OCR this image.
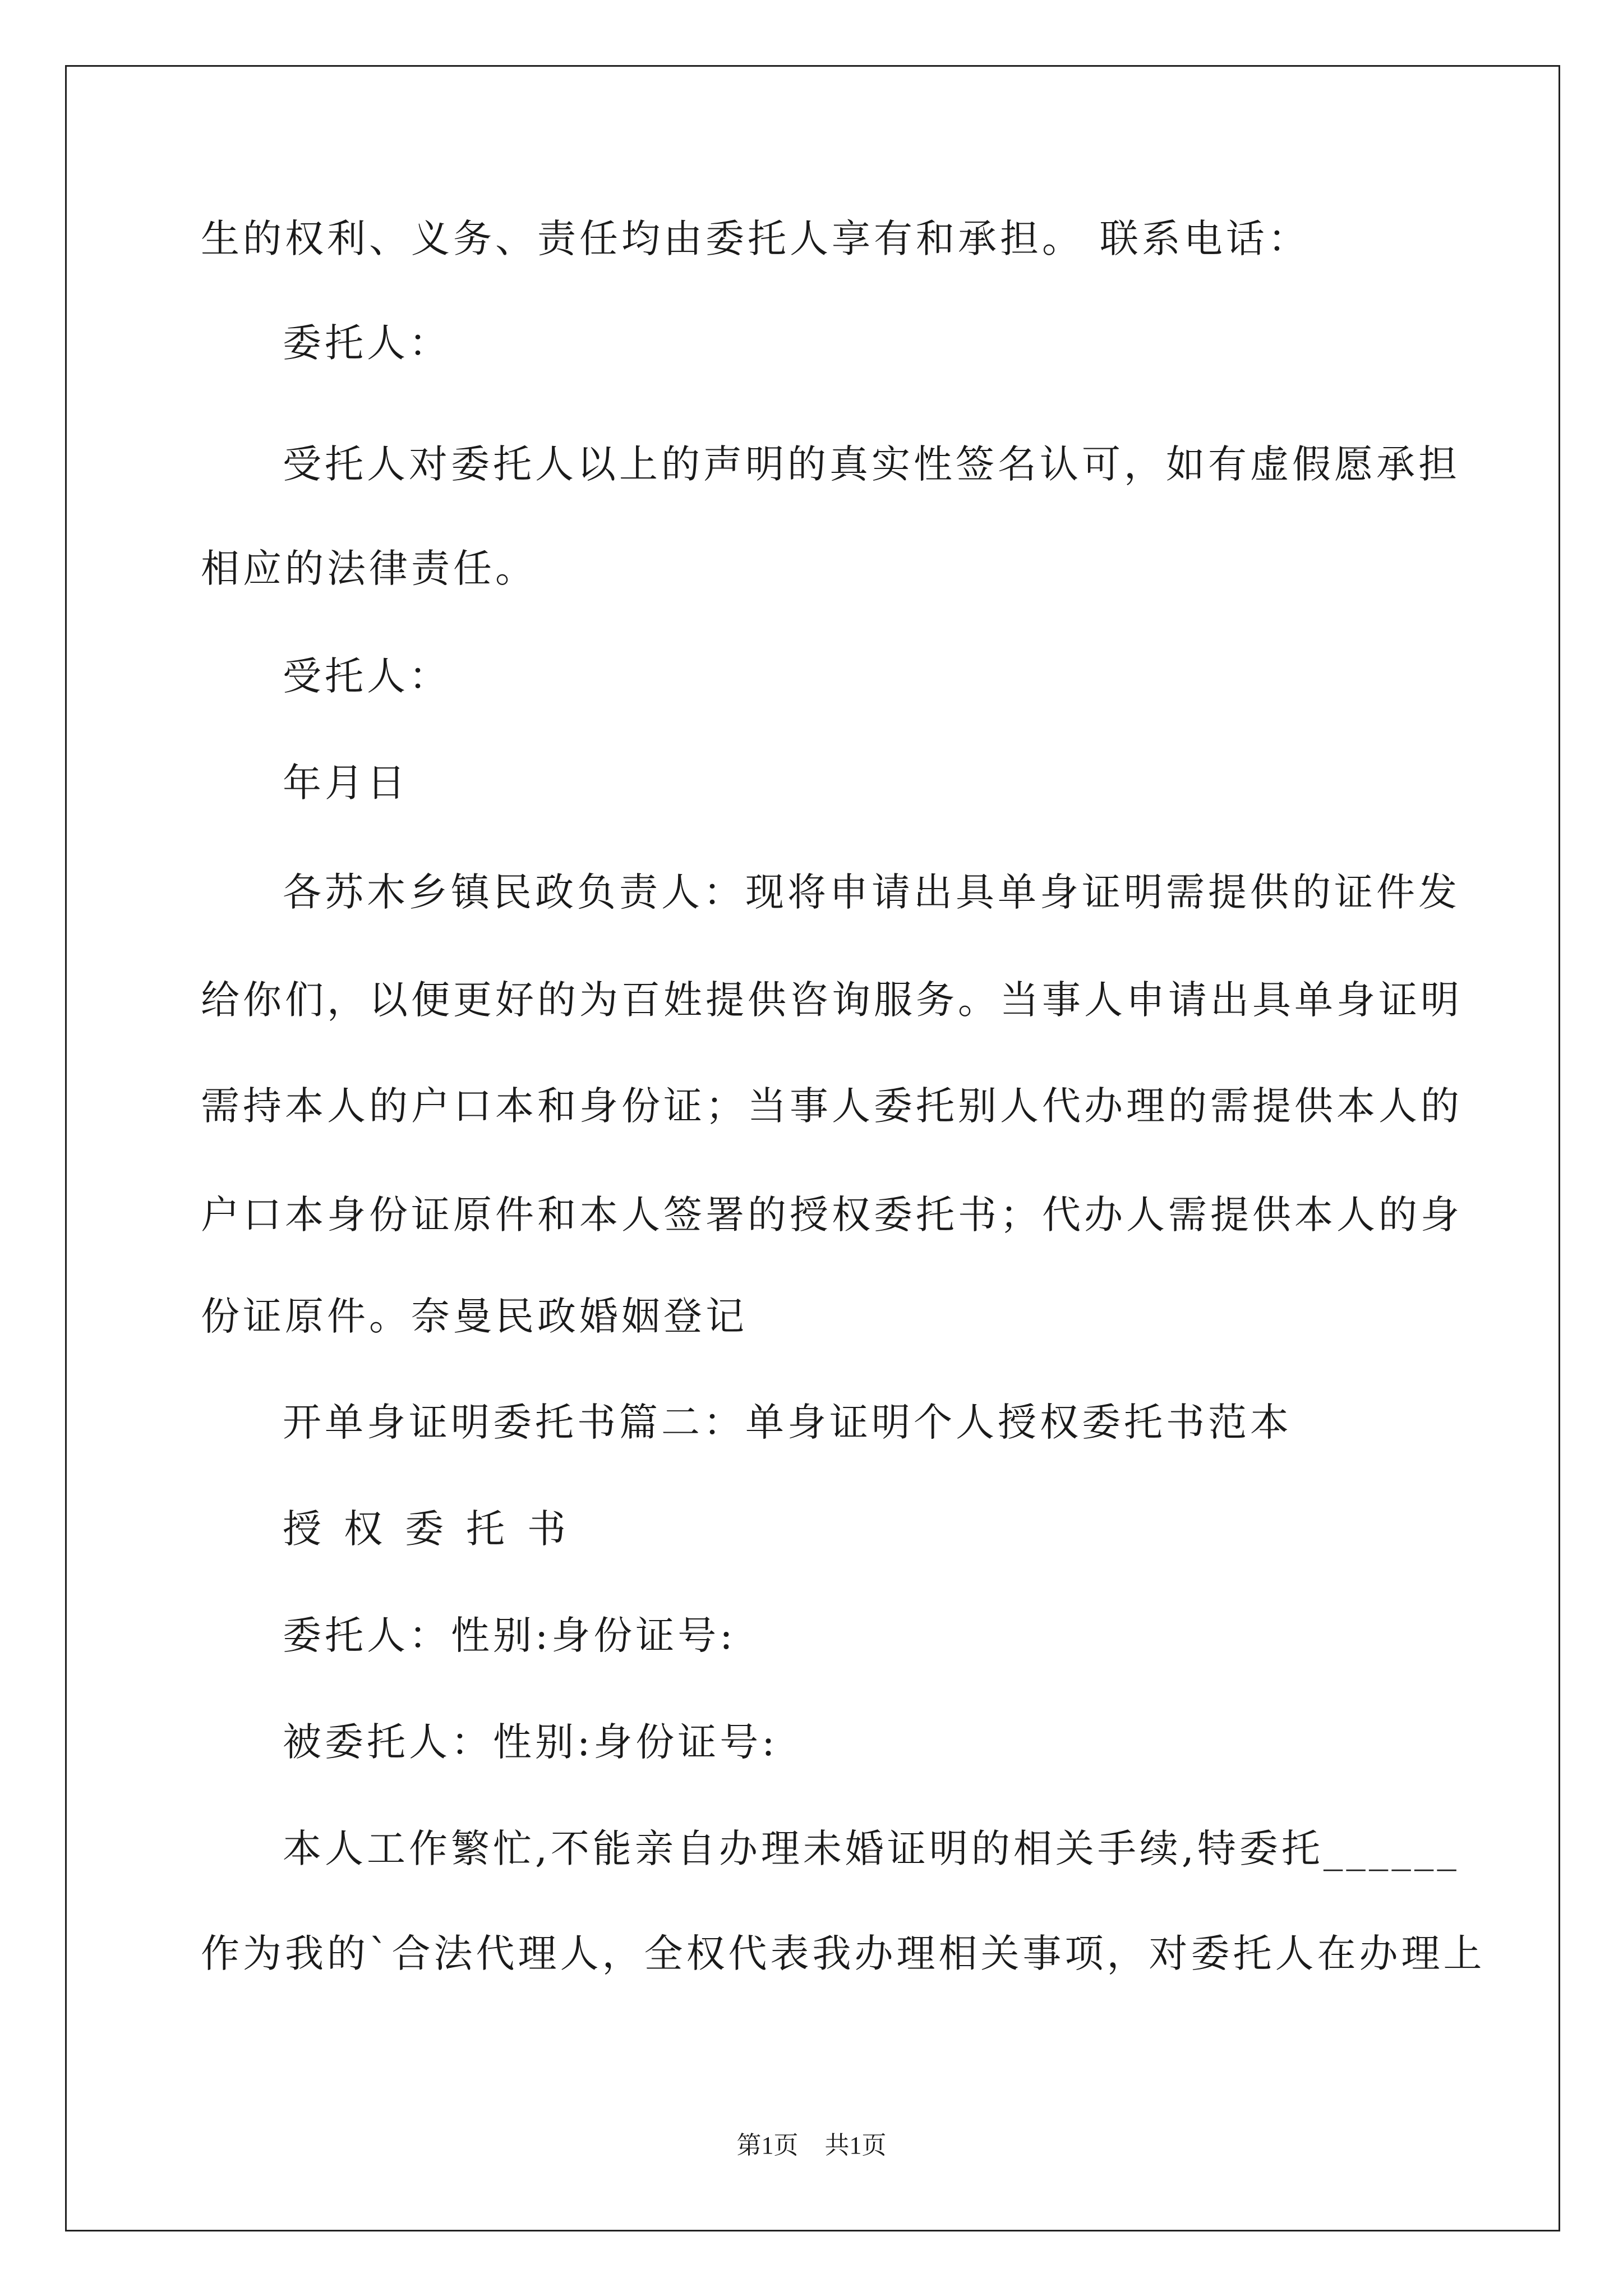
生的权利、义务、责任均由委托人享有和承担。 联系电话：
委托人：
受托人对委托人以上的声明的真实性签名认可，如有虚假愿承担
相应的法律责任。
受托人：
年月日
各苏木乡镇民政负责人：现将申请出具单身证明需提供的证件发
给你们，以便更好的为百姓提供咨询服务。当事人申请出具单身证明
需持本人的户口本和身份证；当事人委托别人代办理的需提供本人的
户口本身份证原件和本人签署的授权委托书；代办人需提供本人的身
份证原件。奈曼民政婚姻登记
开单身证明委托书篇二：单身证明个人授权委托书范本
授权委托书
委托人：性别:身份证号:
被委托人：性别:身份证号:
本人工作繁忙,不能亲自办理未婚证明的相关手续,特委托______
作为我的`合法代理人，全权代表我办理相关事项，对委托人在办理上
第1页 共1页
